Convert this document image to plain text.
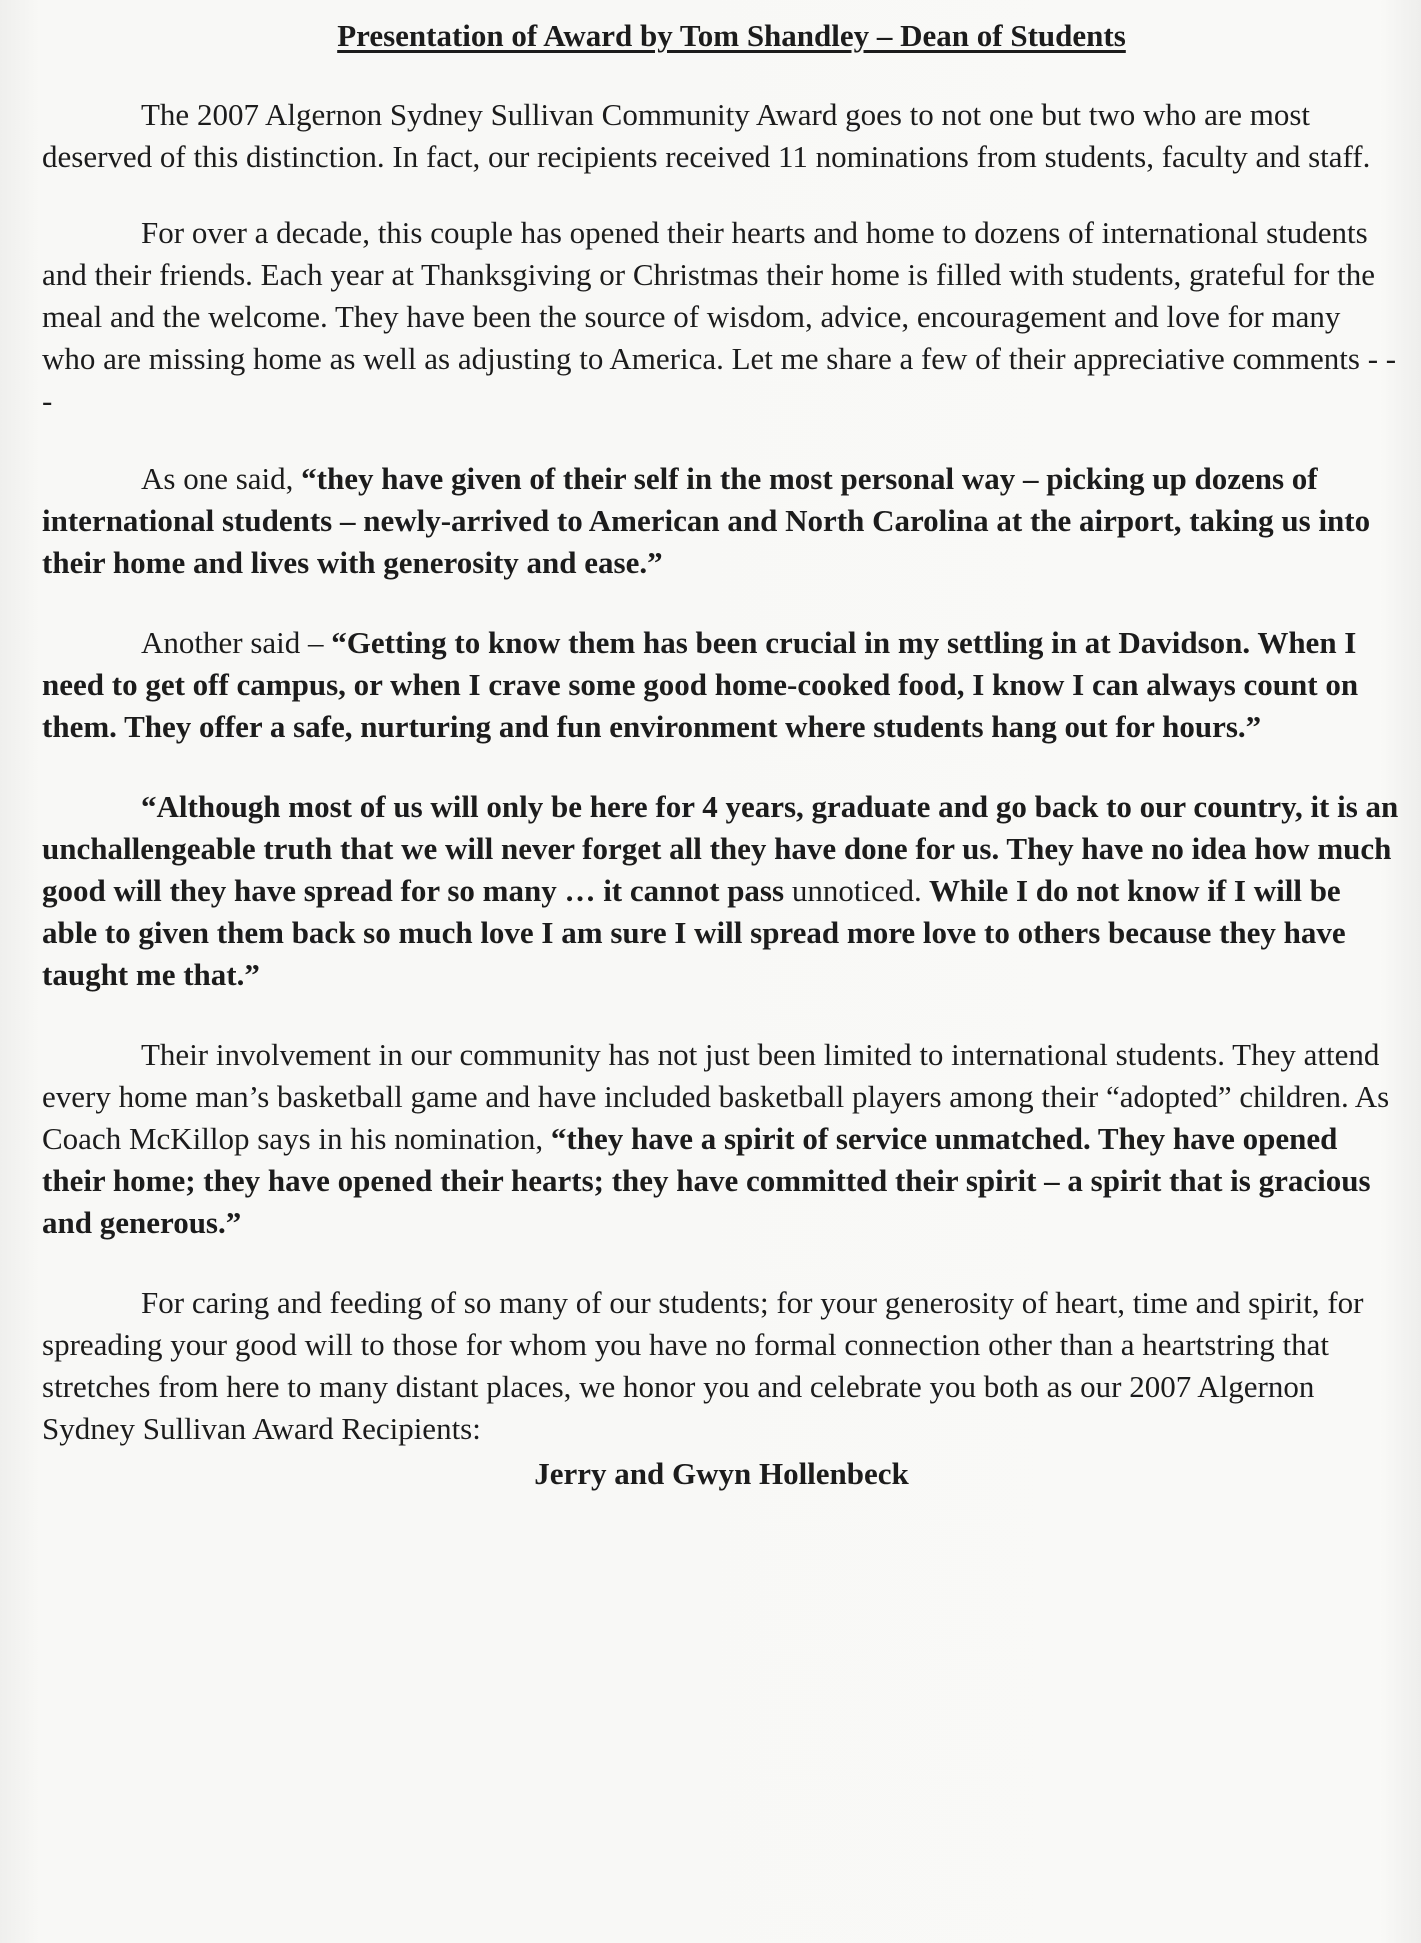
Presentation of Award by Tom Shandley – Dean of Students

The 2007 Algernon Sydney Sullivan Community Award goes to not one but two who are most deserved of this distinction. In fact, our recipients received 11 nominations from students, faculty and staff.

For over a decade, this couple has opened their hearts and home to dozens of international students and their friends. Each year at Thanksgiving or Christmas their home is filled with students, grateful for the meal and the welcome. They have been the source of wisdom, advice, encouragement and love for many who are missing home as well as adjusting to America. Let me share a few of their appreciative comments - - -

As one said, “they have given of their self in the most personal way – picking up dozens of international students – newly-arrived to American and North Carolina at the airport, taking us into their home and lives with generosity and ease.”

Another said – “Getting to know them has been crucial in my settling in at Davidson. When I need to get off campus, or when I crave some good home-cooked food, I know I can always count on them. They offer a safe, nurturing and fun environment where students hang out for hours.”

“Although most of us will only be here for 4 years, graduate and go back to our country, it is an unchallengeable truth that we will never forget all they have done for us. They have no idea how much good will they have spread for so many … it cannot pass unnoticed. While I do not know if I will be able to given them back so much love I am sure I will spread more love to others because they have taught me that.”

Their involvement in our community has not just been limited to international students. They attend every home man’s basketball game and have included basketball players among their “adopted” children. As Coach McKillop says in his nomination, “they have a spirit of service unmatched. They have opened their home; they have opened their hearts; they have committed their spirit – a spirit that is gracious and generous.”

For caring and feeding of so many of our students; for your generosity of heart, time and spirit, for spreading your good will to those for whom you have no formal connection other than a heartstring that stretches from here to many distant places, we honor you and celebrate you both as our 2007 Algernon Sydney Sullivan Award Recipients:

Jerry and Gwyn Hollenbeck
